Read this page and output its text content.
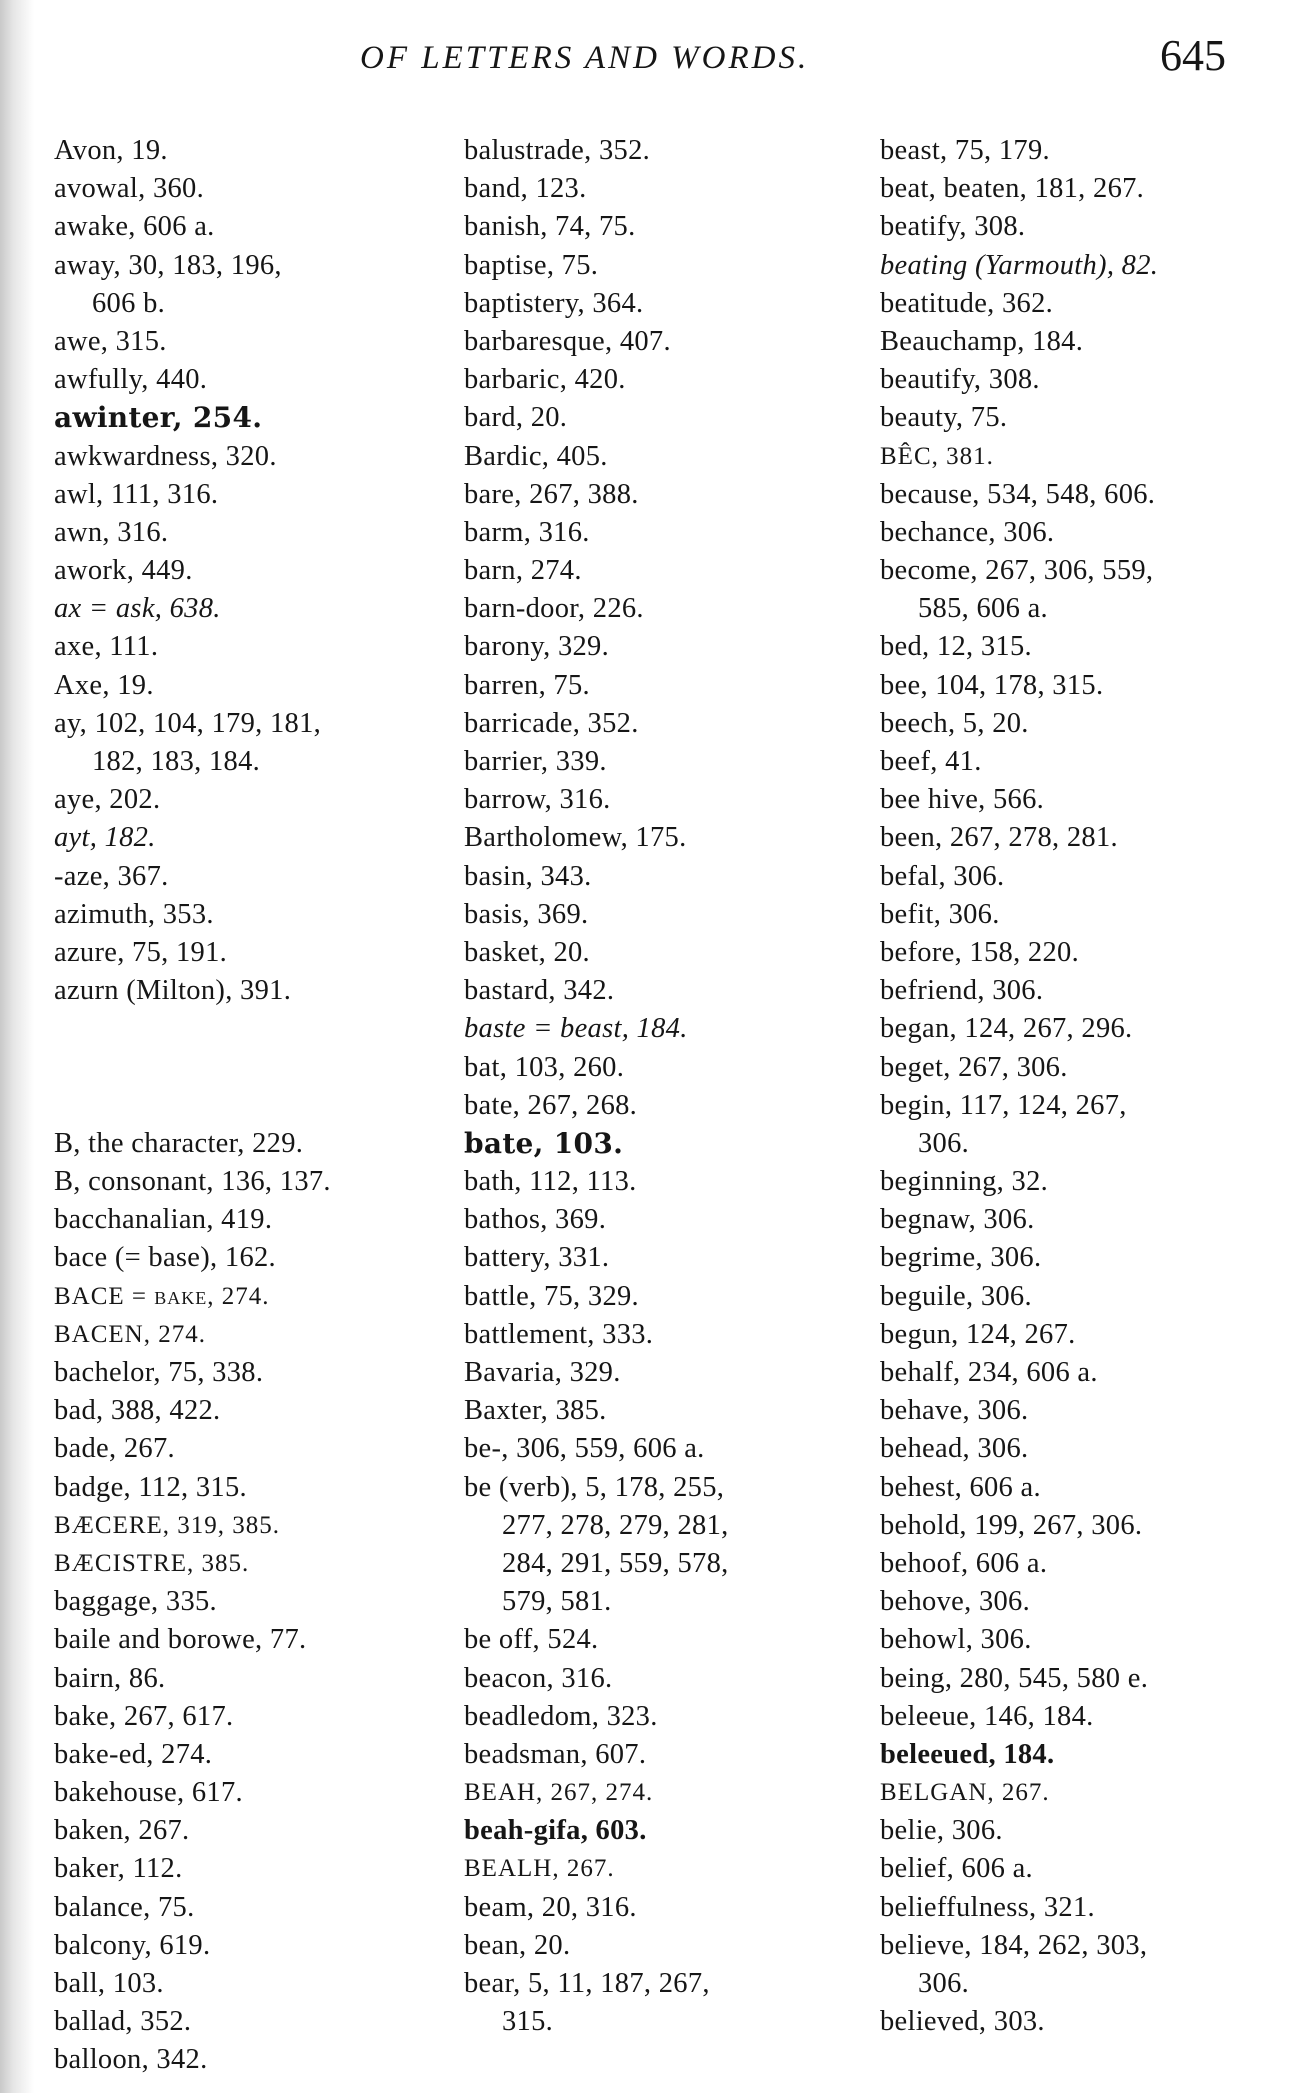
OF LETTERS AND WORDS.	645
Avon, 19.
avowal, 360.
awake, 606 a.
away, 30, 183, 196,
606 b.
awe, 315.
awfully, 440.
awinter, 254.
awkwardness, 320.
awl, 111, 316.
awn, 316.
awork, 449.
ax = ask, 638.
axe, 111.
Axe, 19.
ay, 102, 104, 179, 181,
182, 183, 184.
aye, 202.
ayt, 182.
-aze, 367.
azimuth, 353.
azure, 75, 191.
azurn (Milton), 391.
B, the character, 229.
B, consonant, 136, 137.
bacchanalian, 419.
bace (= base), 162.
BACE = bake, 274.
BACEN, 274.
bachelor, 75, 338.
bad, 388, 422.
bade, 267.
badge, 112, 315.
BÆCERE, 319, 385.
BÆCISTRE, 385.
baggage, 335.
baile and borowe, 77.
bairn, 86.
bake, 267, 617.
bake-ed, 274.
bakehouse, 617.
baken, 267.
baker, 112.
balance, 75.
balcony, 619.
ball, 103.
ballad, 352.
balloon, 342.
balustrade, 352.
band, 123.
banish, 74, 75.
baptise, 75.
baptistery, 364.
barbaresque, 407.
barbaric, 420.
bard, 20.
Bardic, 405.
bare, 267, 388.
barm, 316.
barn, 274.
barn-door, 226.
barony, 329.
barren, 75.
barricade, 352.
barrier, 339.
barrow, 316.
Bartholomew, 175.
basin, 343.
basis, 369.
basket, 20.
bastard, 342.
baste = beast, 184.
bat, 103, 260.
bate, 267, 268.
bate, 103.
bath, 112, 113.
bathos, 369.
battery, 331.
battle, 75, 329.
battlement, 333.
Bavaria, 329.
Baxter, 385.
be-, 306, 559, 606 a.
be (verb), 5, 178, 255,
277, 278, 279, 281,
284, 291, 559, 578,
579, 581.
be off, 524.
beacon, 316.
beadledom, 323.
beadsman, 607.
BEAH, 267, 274.
beah-gifa, 603.
BEALH, 267.
beam, 20, 316.
bean, 20.
bear, 5, 11, 187, 267,
315.
beast, 75, 179.
beat, beaten, 181, 267.
beatify, 308.
beating (Yarmouth), 82.
beatitude, 362.
Beauchamp, 184.
beautify, 308.
beauty, 75.
BÊC, 381.
because, 534, 548, 606.
bechance, 306.
become, 267, 306, 559,
585, 606 a.
bed, 12, 315.
bee, 104, 178, 315.
beech, 5, 20.
beef, 41.
bee hive, 566.
been, 267, 278, 281.
befal, 306.
befit, 306.
before, 158, 220.
befriend, 306.
began, 124, 267, 296.
beget, 267, 306.
begin, 117, 124, 267,
306.
beginning, 32.
begnaw, 306.
begrime, 306.
beguile, 306.
begun, 124, 267.
behalf, 234, 606 a.
behave, 306.
behead, 306.
behest, 606 a.
behold, 199, 267, 306.
behoof, 606 a.
behove, 306.
behowl, 306.
being, 280, 545, 580 e.
beleeue, 146, 184.
beleeued, 184.
BELGAN, 267.
belie, 306.
belief, 606 a.
belieffulness, 321.
believe, 184, 262, 303,
306.
believed, 303.
